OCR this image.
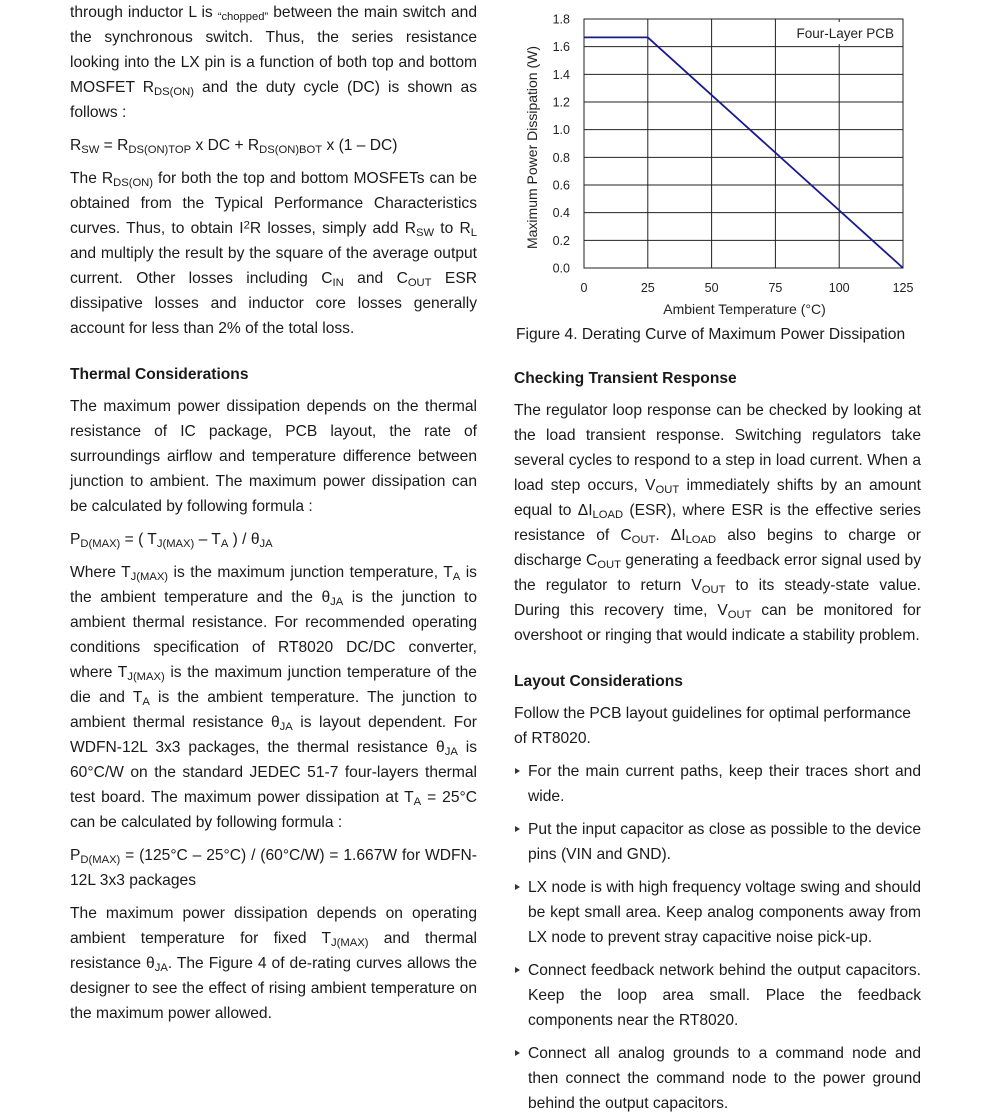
through inductor L is $_{“chopped”}$ between the main switch and the synchronous switch. Thus, the series resistance looking into the LX pin is a function of both top and bottom MOSFET $R_{DS(ON)}$ and the duty cycle (DC) is shown as follows :

$R_{SW} = R_{DS(ON)TOP}$ x DC + $R_{DS(ON)BOT}$ x (1 – DC)

The $R_{DS(ON)}$ for both the top and bottom MOSFETs can be obtained from the Typical Performance Characteristics curves. Thus, to obtain $I^2R$ losses, simply add $R_{SW}$ to $R_L$ and multiply the result by the square of the average output current. Other losses including $C_{IN}$ and $C_{OUT}$ ESR dissipative losses and inductor core losses generally account for less than 2% of the total loss.

Thermal Considerations

The maximum power dissipation depends on the thermal resistance of IC package, PCB layout, the rate of surroundings airflow and temperature difference between junction to ambient. The maximum power dissipation can be calculated by following formula :

$P_{D(MAX)}$ = ( $T_{J(MAX)} - T_A$ ) / $\theta_{JA}$

Where $T_{J(MAX)}$ is the maximum junction temperature, $T_A$ is the ambient temperature and the $\theta_{JA}$ is the junction to ambient thermal resistance. For recommended operating conditions specification of RT8020 DC/DC converter, where $T_{J(MAX)}$ is the maximum junction temperature of the die and $T_A$ is the ambient temperature. The junction to ambient thermal resistance $\theta_{JA}$ is layout dependent. For WDFN-12L 3x3 packages, the thermal resistance $\theta_{JA}$ is 60°C/W on the standard JEDEC 51-7 four-layers thermal test board. The maximum power dissipation at $T_A = 25^\circ C$ can be calculated by following formula :

$P_{D(MAX)} = (125^\circ C - 25^\circ C) / (60^\circ C/W) = 1.667W$ for WDFN-12L 3x3 packages

The maximum power dissipation depends on operating ambient temperature for fixed $T_{J(MAX)}$ and thermal resistance $\theta_{JA}$. The Figure 4 of de-rating curves allows the designer to see the effect of rising ambient temperature on the maximum power allowed.

0.0
0.2
0.4
0.6
0.8
1.0
1.2
1.4
1.6
1.8
0	25	50	75	100	125
Four-Layer PCB
Ambient Temperature (°C)
Maximum Power Dissipation (W)
Figure 4. Derating Curve of Maximum Power Dissipation
Checking Transient Response

The regulator loop response can be checked by looking at the load transient response. Switching regulators take several cycles to respond to a step in load current. When a load step occurs, $V_{OUT}$ immediately shifts by an amount equal to $\Delta I_{LOAD}$ (ESR), where ESR is the effective series resistance of $C_{OUT}$. $\Delta I_{LOAD}$ also begins to charge or discharge $C_{OUT}$ generating a feedback error signal used by the regulator to return $V_{OUT}$ to its steady-state value. During this recovery time, $V_{OUT}$ can be monitored for overshoot or ringing that would indicate a stability problem.

Layout Considerations

Follow the PCB layout guidelines for optimal performance of RT8020.

For the main current paths, keep their traces short and wide.
Put the input capacitor as close as possible to the device pins (VIN and GND).
LX node is with high frequency voltage swing and should be kept small area. Keep analog components away from LX node to prevent stray capacitive noise pick-up.
Connect feedback network behind the output capacitors. Keep the loop area small. Place the feedback components near the RT8020.
Connect all analog grounds to a command node and then connect the command node to the power ground behind the output capacitors.
